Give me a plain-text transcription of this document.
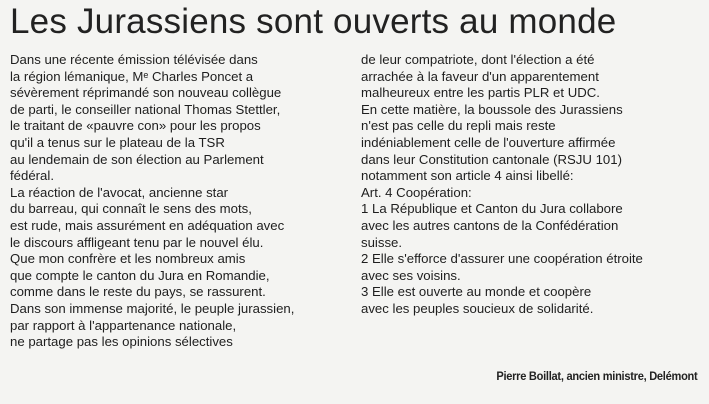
Les Jurassiens sont ouverts au monde
Dans une récente émission télévisée dans
la région lémanique, Mᵉ Charles Poncet a
sévèrement réprimandé son nouveau collègue
de parti, le conseiller national Thomas Stettler,
le traitant de «pauvre con» pour les propos
qu'il a tenus sur le plateau de la TSR
au lendemain de son élection au Parlement
fédéral.
La réaction de l'avocat, ancienne star
du barreau, qui connaît le sens des mots,
est rude, mais assurément en adéquation avec
le discours affligeant tenu par le nouvel élu.
Que mon confrère et les nombreux amis
que compte le canton du Jura en Romandie,
comme dans le reste du pays, se rassurent.
Dans son immense majorité, le peuple jurassien,
par rapport à l'appartenance nationale,
ne partage pas les opinions sélectives
de leur compatriote, dont l'élection a été
arrachée à la faveur d'un apparentement
malheureux entre les partis PLR et UDC.
En cette matière, la boussole des Jurassiens
n'est pas celle du repli mais reste
indéniablement celle de l'ouverture affirmée
dans leur Constitution cantonale (RSJU 101)
notamment son article 4 ainsi libellé:
Art. 4 Coopération:
1 La République et Canton du Jura collabore
avec les autres cantons de la Confédération
suisse.
2 Elle s'efforce d'assurer une coopération étroite
avec ses voisins.
3 Elle est ouverte au monde et coopère
avec les peuples soucieux de solidarité.
Pierre Boillat, ancien ministre, Delémont
